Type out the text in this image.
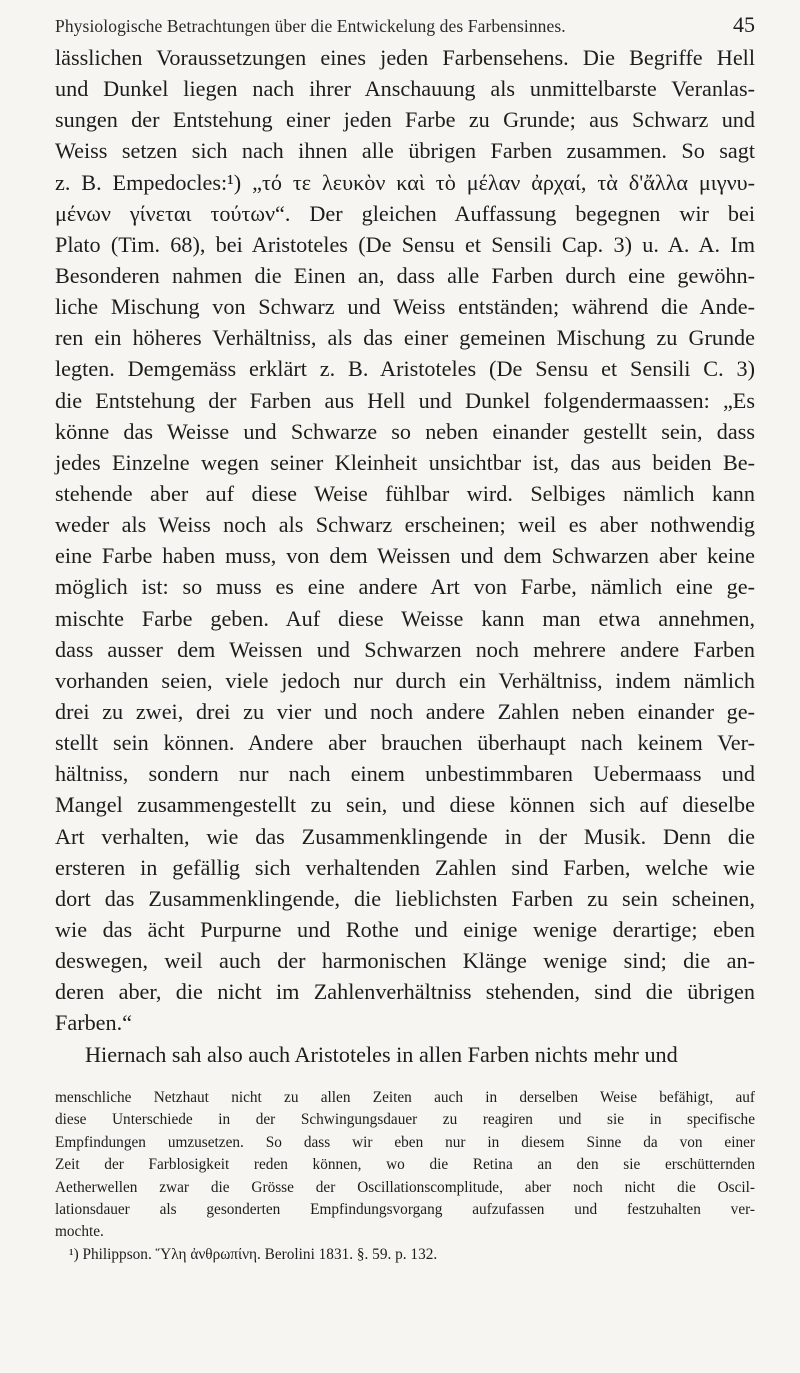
Physiologische Betrachtungen über die Entwickelung des Farbensinnes.	45
lässlichen Voraussetzungen eines jeden Farbensehens. Die Begriffe Hell
und Dunkel liegen nach ihrer Anschauung als unmittelbarste Veranlas-
sungen der Entstehung einer jeden Farbe zu Grunde; aus Schwarz und
Weiss setzen sich nach ihnen alle übrigen Farben zusammen. So sagt
z. B. Empedocles:¹) „τό τε λευκὸν καὶ τὸ μέλαν ἀρχαί, τὰ δ'ἄλλα μιγνυ-
μένων γίνεται τούτων“. Der gleichen Auffassung begegnen wir bei
Plato (Tim. 68), bei Aristoteles (De Sensu et Sensili Cap. 3) u. A. A. Im
Besonderen nahmen die Einen an, dass alle Farben durch eine gewöhn-
liche Mischung von Schwarz und Weiss entständen; während die Ande-
ren ein höheres Verhältniss, als das einer gemeinen Mischung zu Grunde
legten. Demgemäss erklärt z. B. Aristoteles (De Sensu et Sensili C. 3)
die Entstehung der Farben aus Hell und Dunkel folgendermaassen: „Es
könne das Weisse und Schwarze so neben einander gestellt sein, dass
jedes Einzelne wegen seiner Kleinheit unsichtbar ist, das aus beiden Be-
stehende aber auf diese Weise fühlbar wird. Selbiges nämlich kann
weder als Weiss noch als Schwarz erscheinen; weil es aber nothwendig
eine Farbe haben muss, von dem Weissen und dem Schwarzen aber keine
möglich ist: so muss es eine andere Art von Farbe, nämlich eine ge-
mischte Farbe geben. Auf diese Weisse kann man etwa annehmen,
dass ausser dem Weissen und Schwarzen noch mehrere andere Farben
vorhanden seien, viele jedoch nur durch ein Verhältniss, indem nämlich
drei zu zwei, drei zu vier und noch andere Zahlen neben einander ge-
stellt sein können. Andere aber brauchen überhaupt nach keinem Ver-
hältniss, sondern nur nach einem unbestimmbaren Uebermaass und
Mangel zusammengestellt zu sein, und diese können sich auf dieselbe
Art verhalten, wie das Zusammenklingende in der Musik. Denn die
ersteren in gefällig sich verhaltenden Zahlen sind Farben, welche wie
dort das Zusammenklingende, die lieblichsten Farben zu sein scheinen,
wie das ächt Purpurne und Rothe und einige wenige derartige; eben
deswegen, weil auch der harmonischen Klänge wenige sind; die an-
deren aber, die nicht im Zahlenverhältniss stehenden, sind die übrigen
Farben.“
Hiernach sah also auch Aristoteles in allen Farben nichts mehr und
menschliche Netzhaut nicht zu allen Zeiten auch in derselben Weise befähigt, auf
diese Unterschiede in der Schwingungsdauer zu reagiren und sie in specifische
Empfindungen umzusetzen. So dass wir eben nur in diesem Sinne da von einer
Zeit der Farblosigkeit reden können, wo die Retina an den sie erschütternden
Aetherwellen zwar die Grösse der Oscillationscomplitude, aber noch nicht die Oscil-
lationsdauer als gesonderten Empfindungsvorgang aufzufassen und festzuhalten ver-
mochte.
¹) Philippson. Ὕλη ἀνθρωπίνη. Berolini 1831. §. 59. p. 132.
